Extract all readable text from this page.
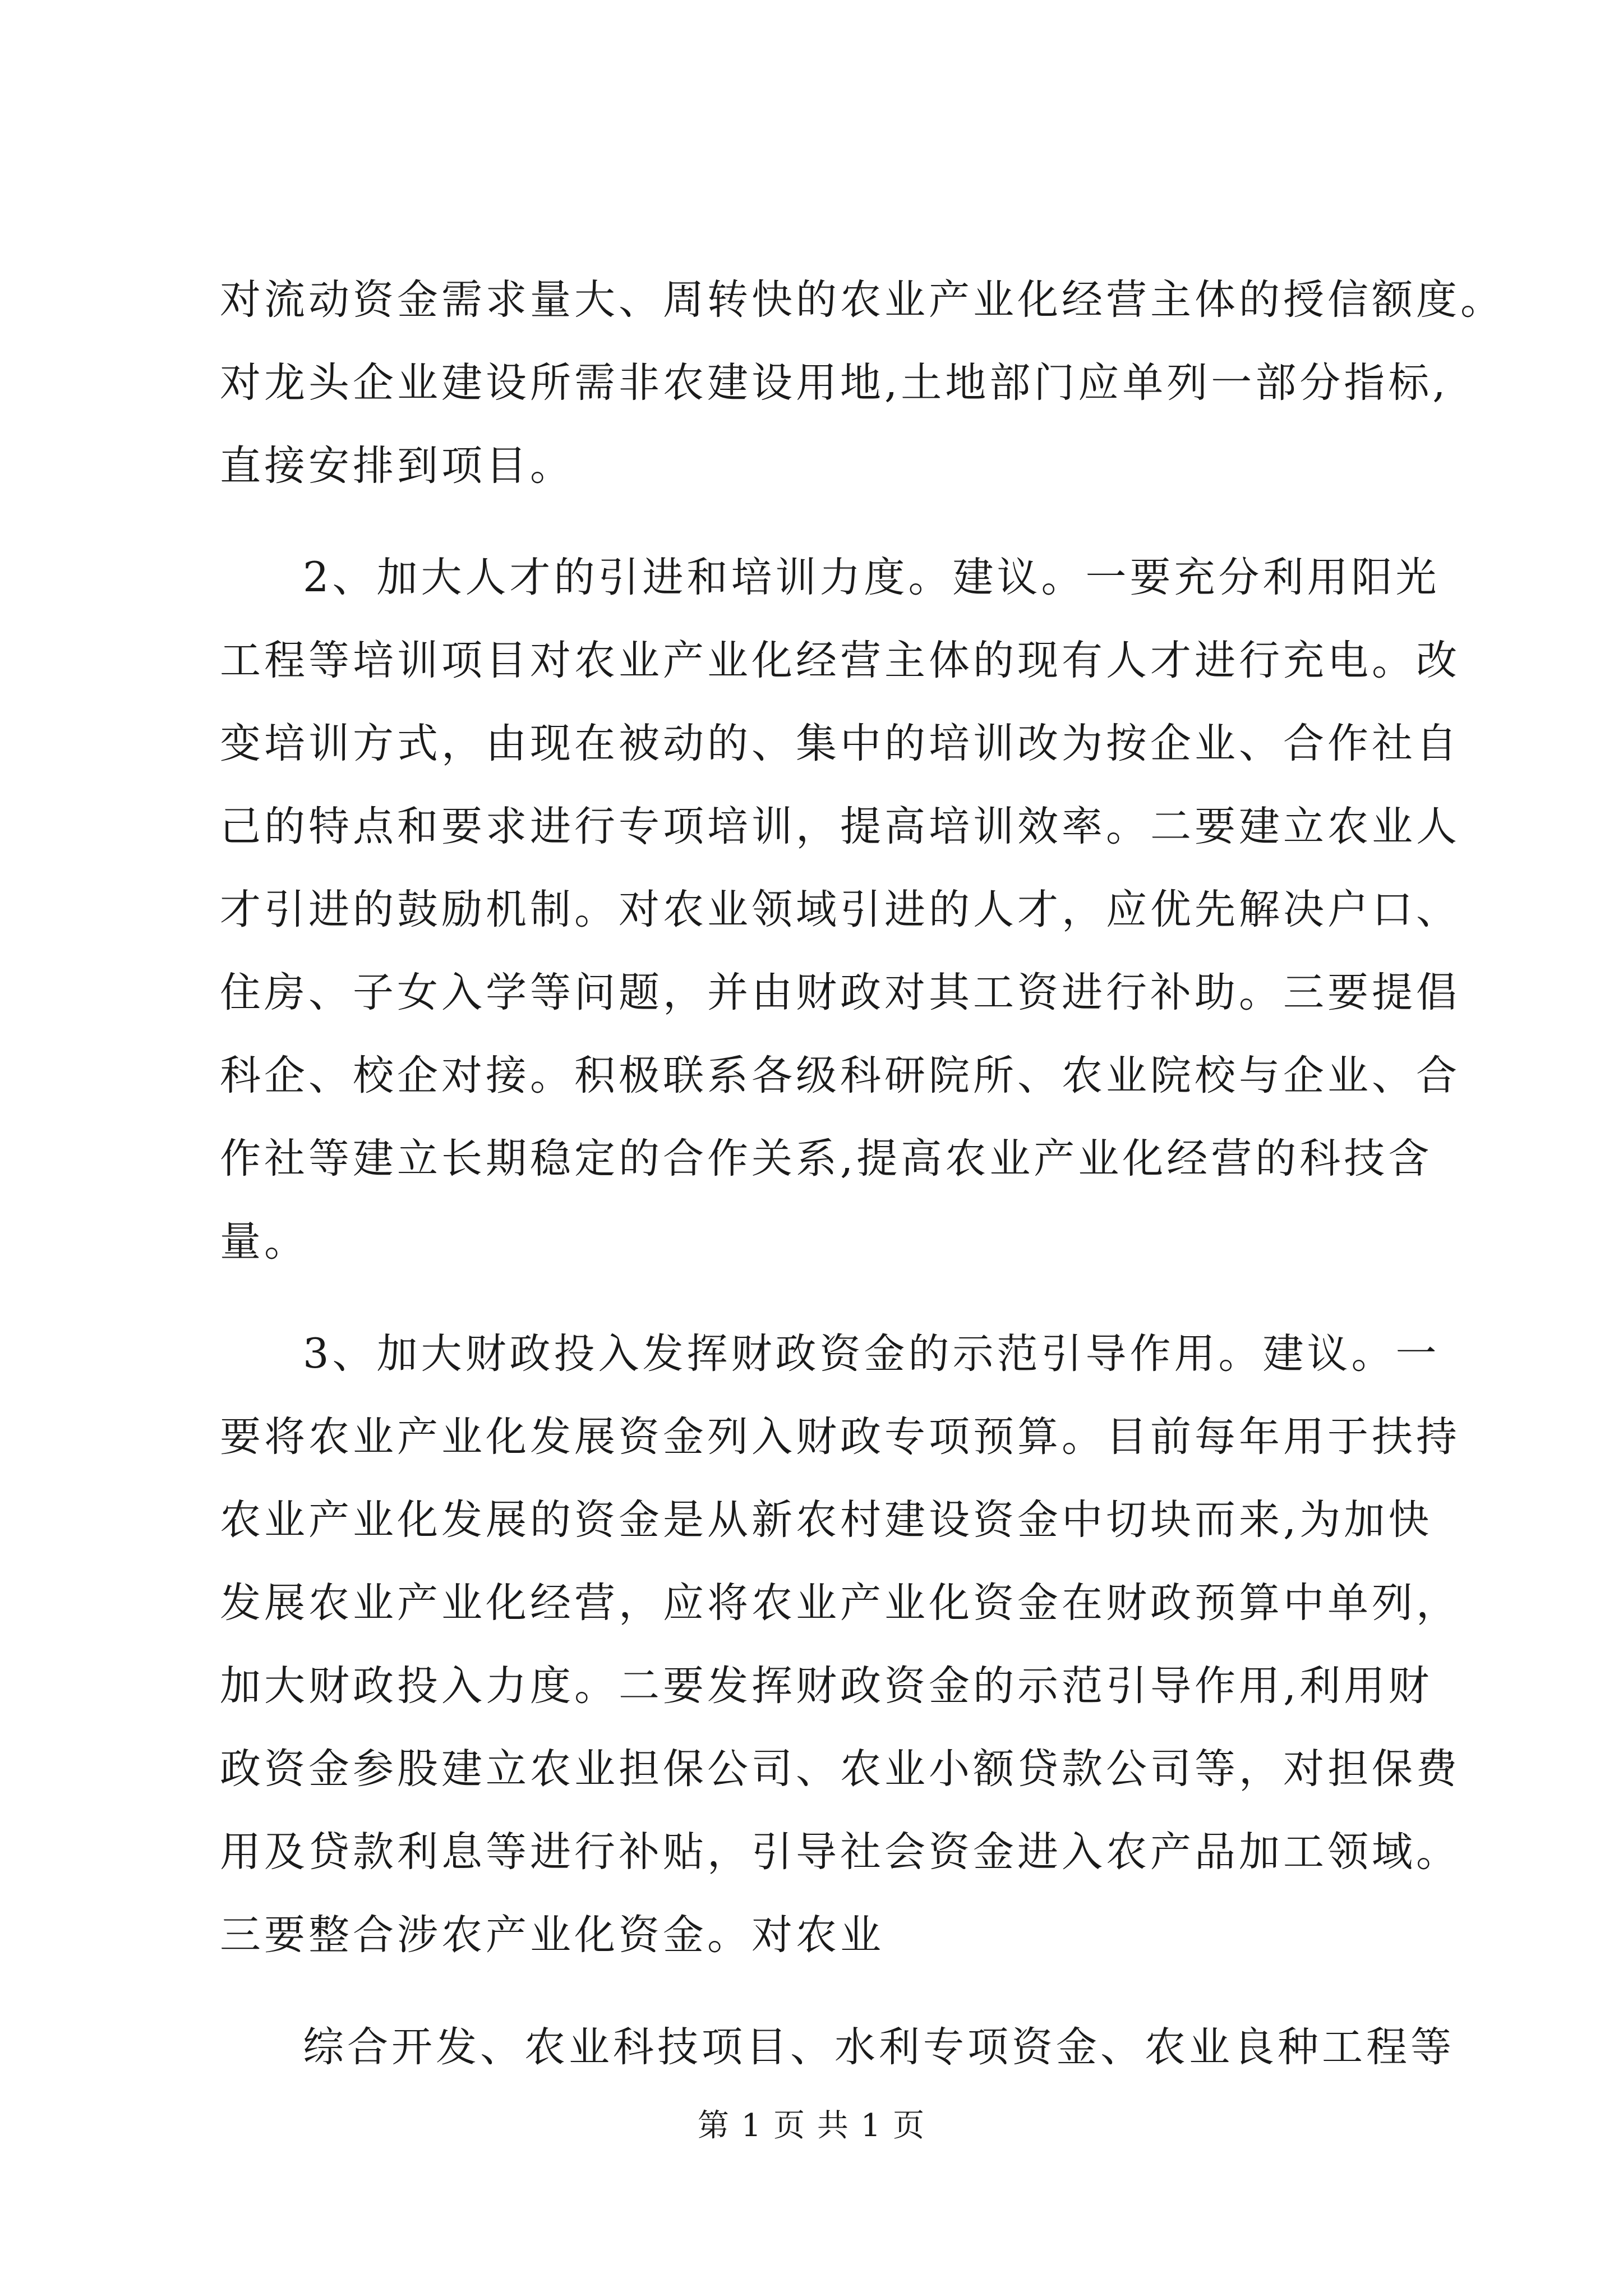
对流动资金需求量大、周转快的农业产业化经营主体的授信额度。
对龙头企业建设所需非农建设用地,土地部门应单列一部分指标,
直接安排到项目。
2、加大人才的引进和培训力度。建议。一要充分利用阳光
工程等培训项目对农业产业化经营主体的现有人才进行充电。改
变培训方式，由现在被动的、集中的培训改为按企业、合作社自
己的特点和要求进行专项培训，提高培训效率。二要建立农业人
才引进的鼓励机制。对农业领域引进的人才，应优先解决户口、
住房、子女入学等问题，并由财政对其工资进行补助。三要提倡
科企、校企对接。积极联系各级科研院所、农业院校与企业、合
作社等建立长期稳定的合作关系,提高农业产业化经营的科技含
量。
3、加大财政投入发挥财政资金的示范引导作用。建议。一
要将农业产业化发展资金列入财政专项预算。目前每年用于扶持
农业产业化发展的资金是从新农村建设资金中切块而来,为加快
发展农业产业化经营，应将农业产业化资金在财政预算中单列，
加大财政投入力度。二要发挥财政资金的示范引导作用,利用财
政资金参股建立农业担保公司、农业小额贷款公司等，对担保费
用及贷款利息等进行补贴，引导社会资金进入农产品加工领域。
三要整合涉农产业化资金。对农业
综合开发、农业科技项目、水利专项资金、农业良种工程等
第 1 页 共 1 页
